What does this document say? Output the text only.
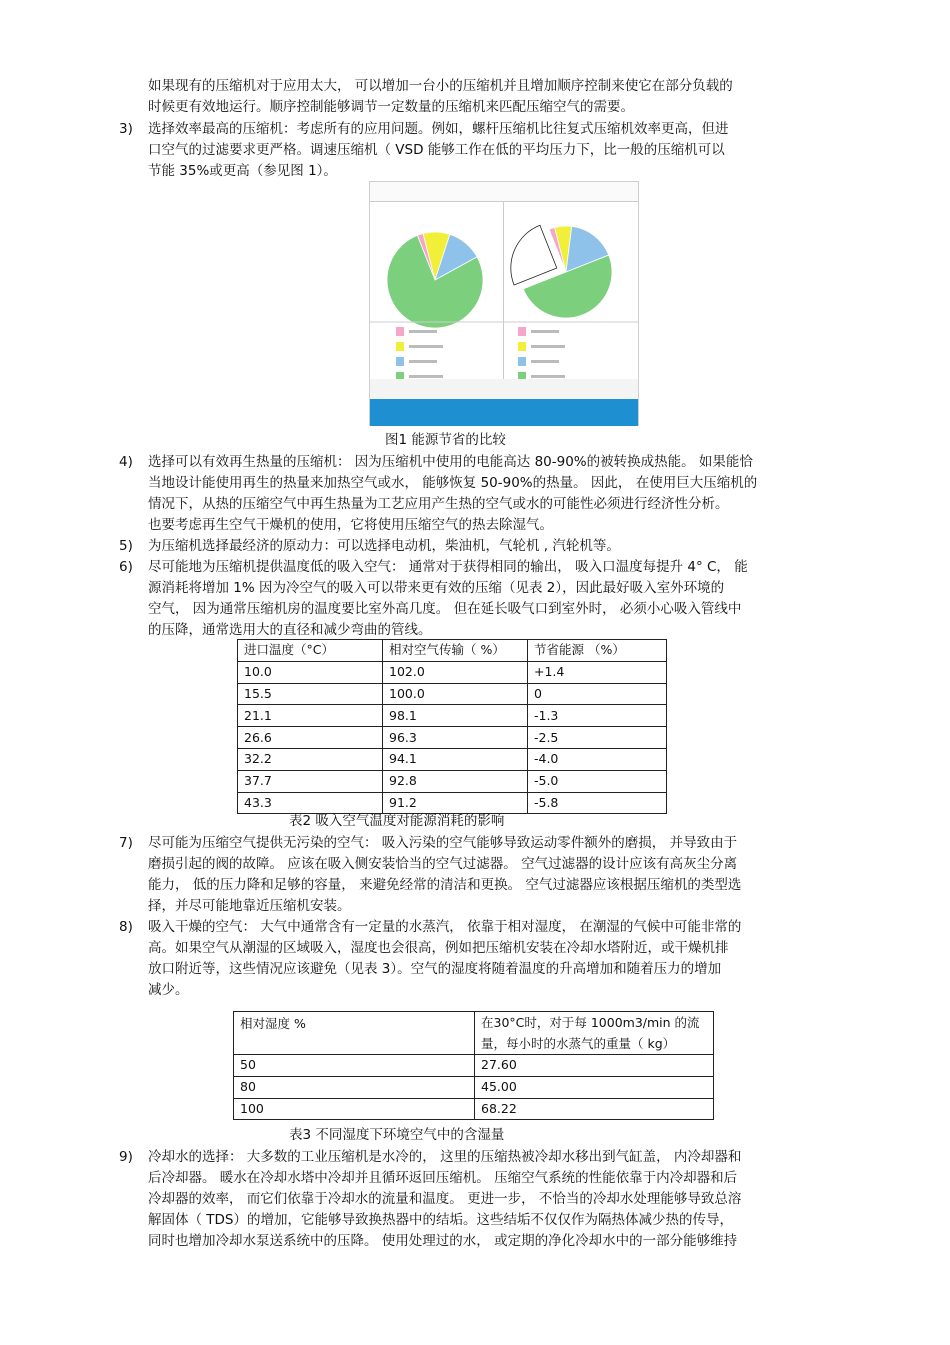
如果现有的压缩机对于应用太大， 可以增加一台小的压缩机并且增加顺序控制来使它在部分负载的
时候更有效地运行。顺序控制能够调节一定数量的压缩机来匹配压缩空气的需要。
3) 选择效率最高的压缩机：考虑所有的应用问题。例如，螺杆压缩机比往复式压缩机效率更高，但进
口空气的过滤要求更严格。调速压缩机（ VSD 能够工作在低的平均压力下，比一般的压缩机可以
节能 35%或更高（参见图 1）。

图1 能源节省的比较
4) 选择可以有效再生热量的压缩机： 因为压缩机中使用的电能高达 80-90%的被转换成热能。 如果能恰
当地设计能使用再生的热量来加热空气或水， 能够恢复 50-90%的热量。 因此， 在使用巨大压缩机的
情况下，从热的压缩空气中再生热量为工艺应用产生热的空气或水的可能性必须进行经济性分析。
也要考虑再生空气干燥机的使用，它将使用压缩空气的热去除湿气。
5) 为压缩机选择最经济的原动力：可以选择电动机，柴油机，气轮机 , 汽轮机等。
6) 尽可能地为压缩机提供温度低的吸入空气： 通常对于获得相同的输出， 吸入口温度每提升 4° C， 能
源消耗将增加 1% 因为冷空气的吸入可以带来更有效的压缩（见表 2），因此最好吸入室外环境的
空气， 因为通常压缩机房的温度要比室外高几度。 但在延长吸气口到室外时， 必须小心吸入管线中
的压降，通常选用大的直径和减少弯曲的管线。
进口温度（°C）	相对空气传输（ %）	节省能源 （%）
10.0	102.0	+1.4
15.5	100.0	0
21.1	98.1	-1.3
26.6	96.3	-2.5
32.2	94.1	-4.0
37.7	92.8	-5.0
43.3	91.2	-5.8
表2 吸入空气温度对能源消耗的影响
7) 尽可能为压缩空气提供无污染的空气： 吸入污染的空气能够导致运动零件额外的磨损， 并导致由于
磨损引起的阀的故障。 应该在吸入侧安装恰当的空气过滤器。 空气过滤器的设计应该有高灰尘分离
能力， 低的压力降和足够的容量， 来避免经常的清洁和更换。 空气过滤器应该根据压缩机的类型选
择，并尽可能地靠近压缩机安装。
8) 吸入干燥的空气： 大气中通常含有一定量的水蒸汽， 依靠于相对湿度， 在潮湿的气候中可能非常的
高。如果空气从潮湿的区域吸入，湿度也会很高，例如把压缩机安装在冷却水塔附近，或干燥机排
放口附近等，这些情况应该避免（见表 3）。空气的湿度将随着温度的升高增加和随着压力的增加
减少。
相对湿度 %	在30°C时，对于每 1000m3/min 的流
量，每小时的水蒸气的重量（ kg）

50	27.60
80	45.00
100	68.22
表3 不同湿度下环境空气中的含湿量
9) 冷却水的选择： 大多数的工业压缩机是水冷的， 这里的压缩热被冷却水移出到气缸盖， 内冷却器和
后冷却器。 暖水在冷却水塔中冷却并且循环返回压缩机。 压缩空气系统的性能依靠于内冷却器和后
冷却器的效率， 而它们依靠于冷却水的流量和温度。 更进一步， 不恰当的冷却水处理能够导致总溶
解固体（ TDS）的增加，它能够导致换热器中的结垢。这些结垢不仅仅作为隔热体减少热的传导，
同时也增加冷却水泵送系统中的压降。 使用处理过的水， 或定期的净化冷却水中的一部分能够维持
